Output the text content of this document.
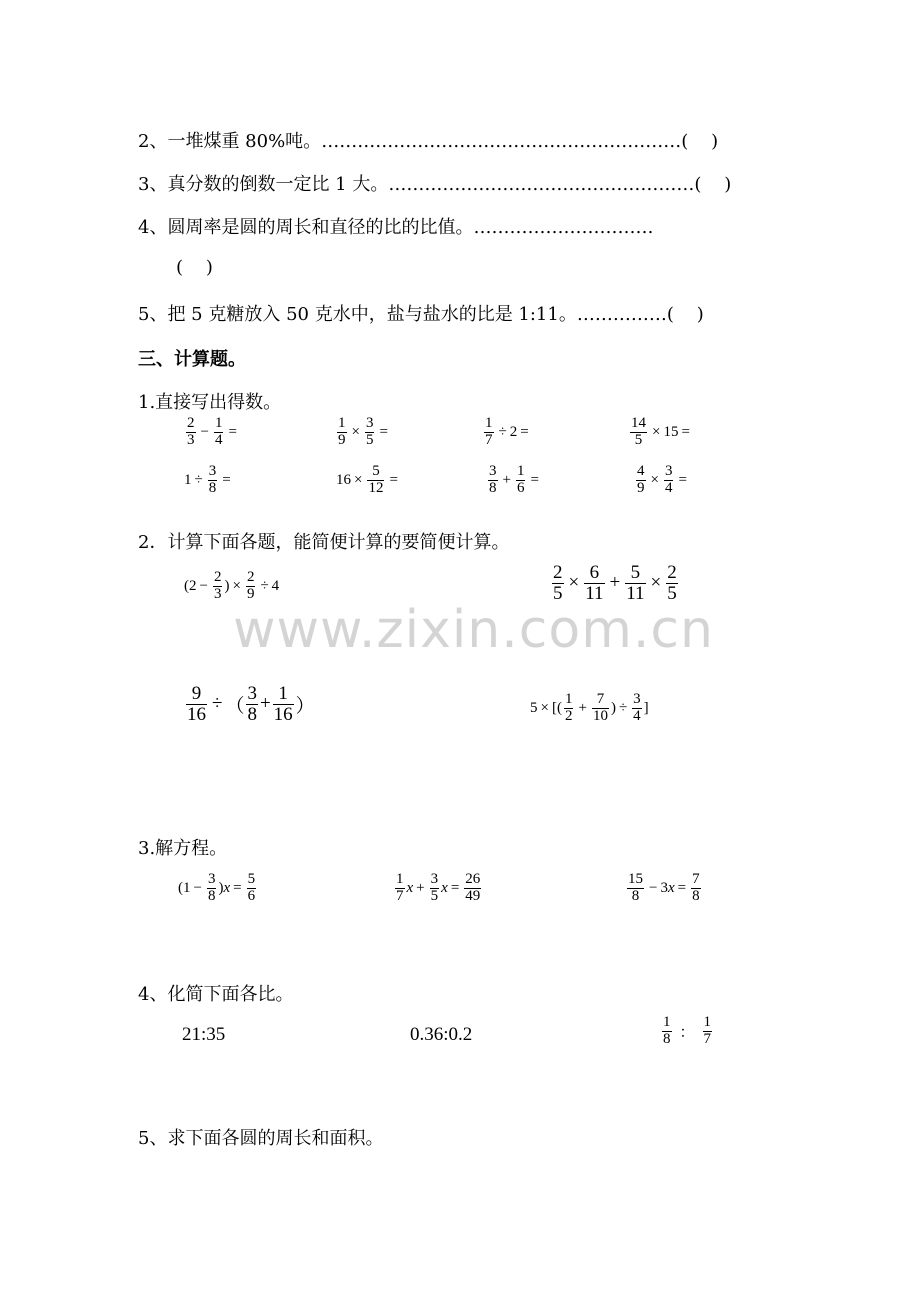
2、一堆煤重 80%吨。……………………………………………………(    )
3、真分数的倒数一定比 1 大。……………………………………………(    )
4、圆周率是圆的周长和直径的比的比值。…………………………
(    )
5、把 5 克糖放入 50 克水中，盐与盐水的比是 1:11。……………(    )
三、计算题。
1.直接写出得数。
$\frac{2}{3} - \frac{1}{4}$ =	$\frac{1}{9} \times \frac{3}{5}$ =	$\frac{1}{7} \div 2$ =	$\frac{14}{5} \times 15$ =
$1 \div \frac{3}{8}$ =	$16 \times \frac{5}{12}$ =	$\frac{3}{8} + \frac{1}{6}$ =	$\frac{4}{9} \times \frac{3}{4}$ =
2．计算下面各题，能简便计算的要简便计算。
($2 - \frac{2}{3}$ ) × $\frac{2}{9} \div 4$	$\frac{2}{5} \times \frac{6}{11} + \frac{5}{11} \times \frac{2}{5}$
$\frac{9}{16}$ ÷ （ $\frac{3}{8} + \frac{1}{16}$ ）	5 × [( $\frac{1}{2} + \frac{7}{10}$ ) ÷ $\frac{3}{4}$ ]
www.zixin.com.cn
3.解方程。
($1 - \frac{3}{8}$ ) $x = \frac{5}{6}$	$\frac{1}{7}$ $x + \frac{3}{5}$ $x = \frac{26}{49}$	$\frac{15}{8} - 3$ $x = \frac{7}{8}$
4、化简下面各比。
21:35	0.36:0.2	$\frac{1}{8}$ ： $\frac{1}{7}$
5、求下面各圆的周长和面积。
